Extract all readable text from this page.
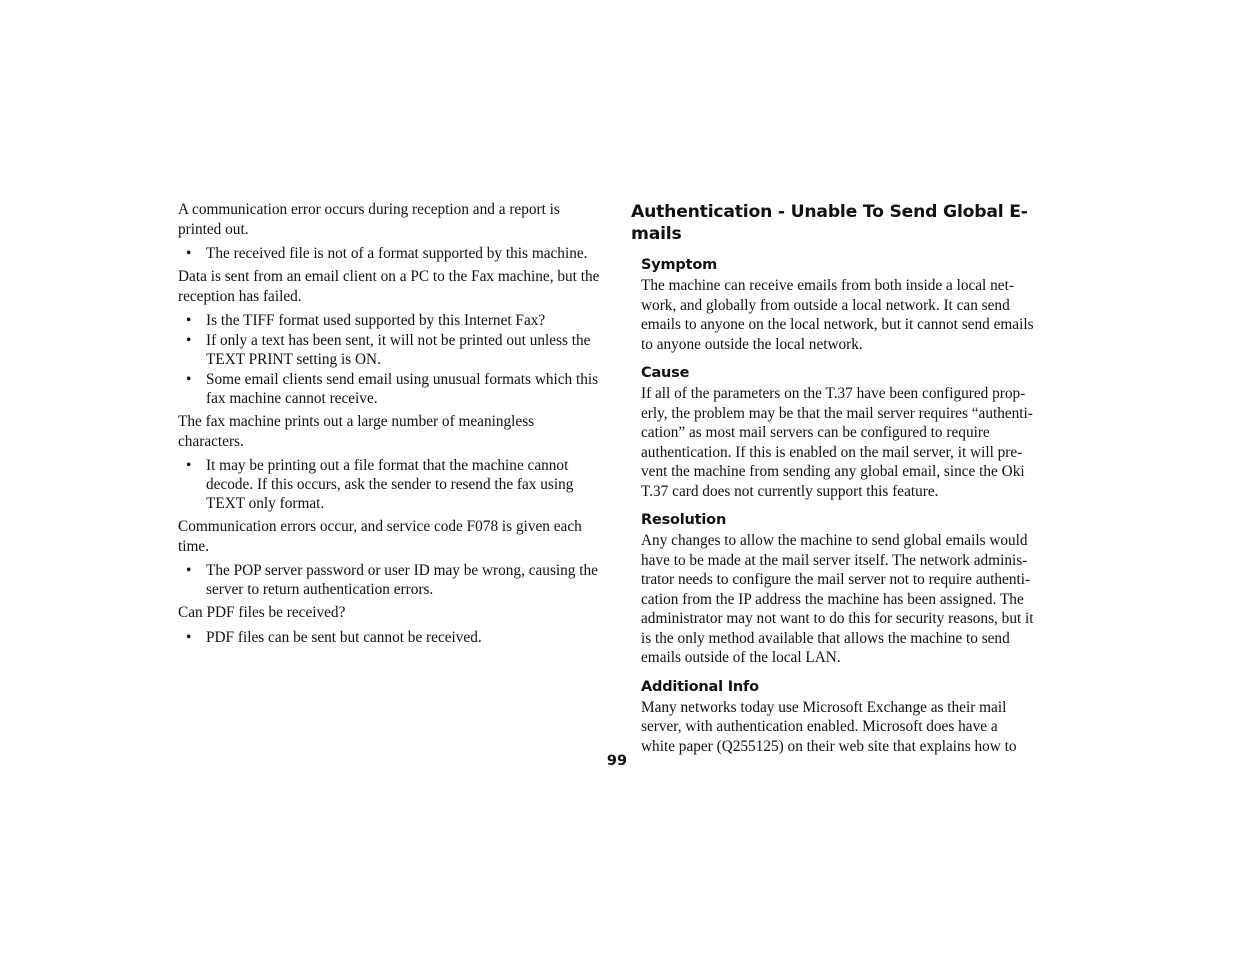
A communication error occurs during reception and a report is printed out.

• The received file is not of a format supported by this machine.

Data is sent from an email client on a PC to the Fax machine, but the reception has failed.

• Is the TIFF format used supported by this Internet Fax?
• If only a text has been sent, it will not be printed out unless the TEXT PRINT setting is ON.
• Some email clients send email using unusual formats which this fax machine cannot receive.

The fax machine prints out a large number of meaningless characters.

• It may be printing out a file format that the machine cannot decode. If this occurs, ask the sender to resend the fax using TEXT only format.

Communication errors occur, and service code F078 is given each time.

• The POP server password or user ID may be wrong, causing the server to return authentication errors.

Can PDF files be received?

• PDF files can be sent but cannot be received.
Authentication - Unable To Send Global E-mails
Symptom

The machine can receive emails from both inside a local net-
work, and globally from outside a local network. It can send
emails to anyone on the local network, but it cannot send emails
to anyone outside the local network.

Cause

If all of the parameters on the T.37 have been configured prop-
erly, the problem may be that the mail server requires “authenti-
cation” as most mail servers can be configured to require
authentication. If this is enabled on the mail server, it will pre-
vent the machine from sending any global email, since the Oki
T.37 card does not currently support this feature.

Resolution

Any changes to allow the machine to send global emails would
have to be made at the mail server itself. The network adminis-
trator needs to configure the mail server not to require authenti-
cation from the IP address the machine has been assigned. The
administrator may not want to do this for security reasons, but it
is the only method available that allows the machine to send
emails outside of the local LAN.

Additional Info

Many networks today use Microsoft Exchange as their mail
server, with authentication enabled. Microsoft does have a
white paper (Q255125) on their web site that explains how to

99
